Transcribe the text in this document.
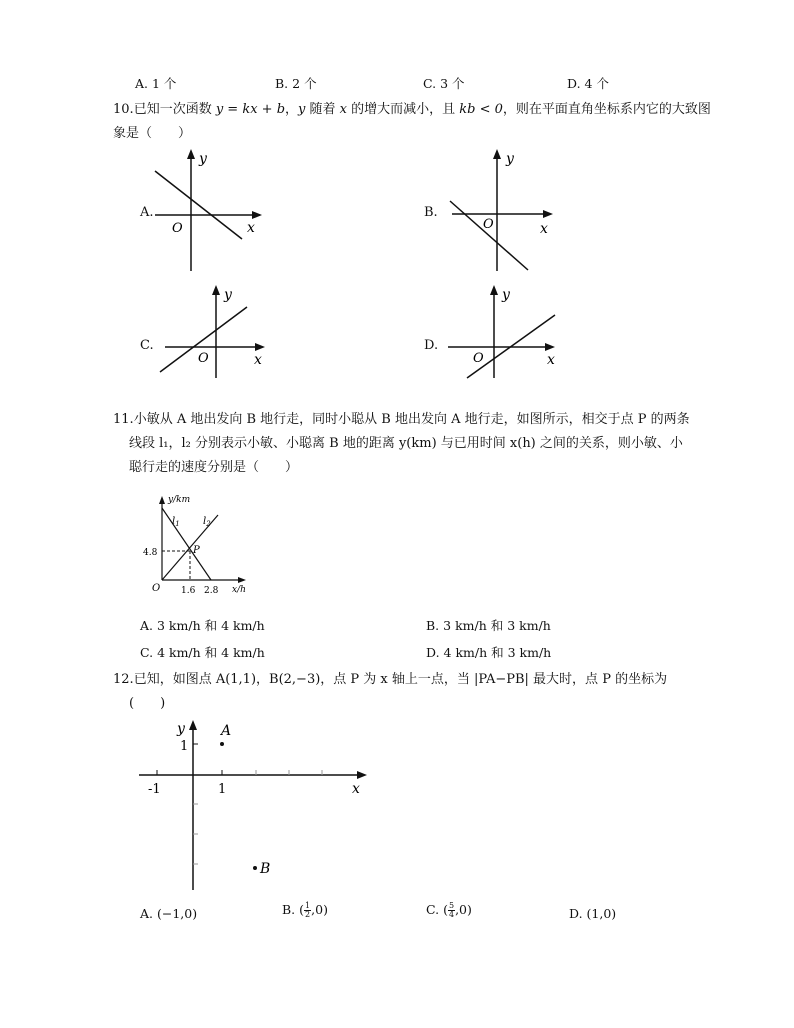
A. 1 个	B. 2 个	C. 3 个	D. 4 个
10.已知一次函数 y = kx + b，y 随着 x 的增大而减小，且 kb < 0，则在平面直角坐标系内它的大致图象是（　　）
A.
O	x
y
B.
O	x
y
C.
O	x
y
D.
O	x
y
11.小敏从 A 地出发向 B 地行走，同时小聪从 B 地出发向 A 地行走，如图所示，相交于点 P 的两条
线段 l₁，l₂ 分别表示小敏、小聪离 B 地的距离 y(km) 与已用时间 x(h) 之间的关系，则小敏、小
聪行走的速度分别是（　　）
y/km
x/h
O
$l_1$ $l_2$
P
4.8
1.6 2.8
A. 3 km/h 和 4 km/h	B. 3 km/h 和 3 km/h
C. 4 km/h 和 4 km/h	D. 4 km/h 和 3 km/h
12.已知，如图点 A(1,1)，B(2,−3)，点 P 为 x 轴上一点，当 |PA−PB| 最大时，点 P 的坐标为
(　　)
y
x
1
1
-1
A
B
A. (−1,0)	B. ( $\frac{1}{2} ,0$)	C. ( $\frac{5}{4} ,0$)	D. (1,0)
